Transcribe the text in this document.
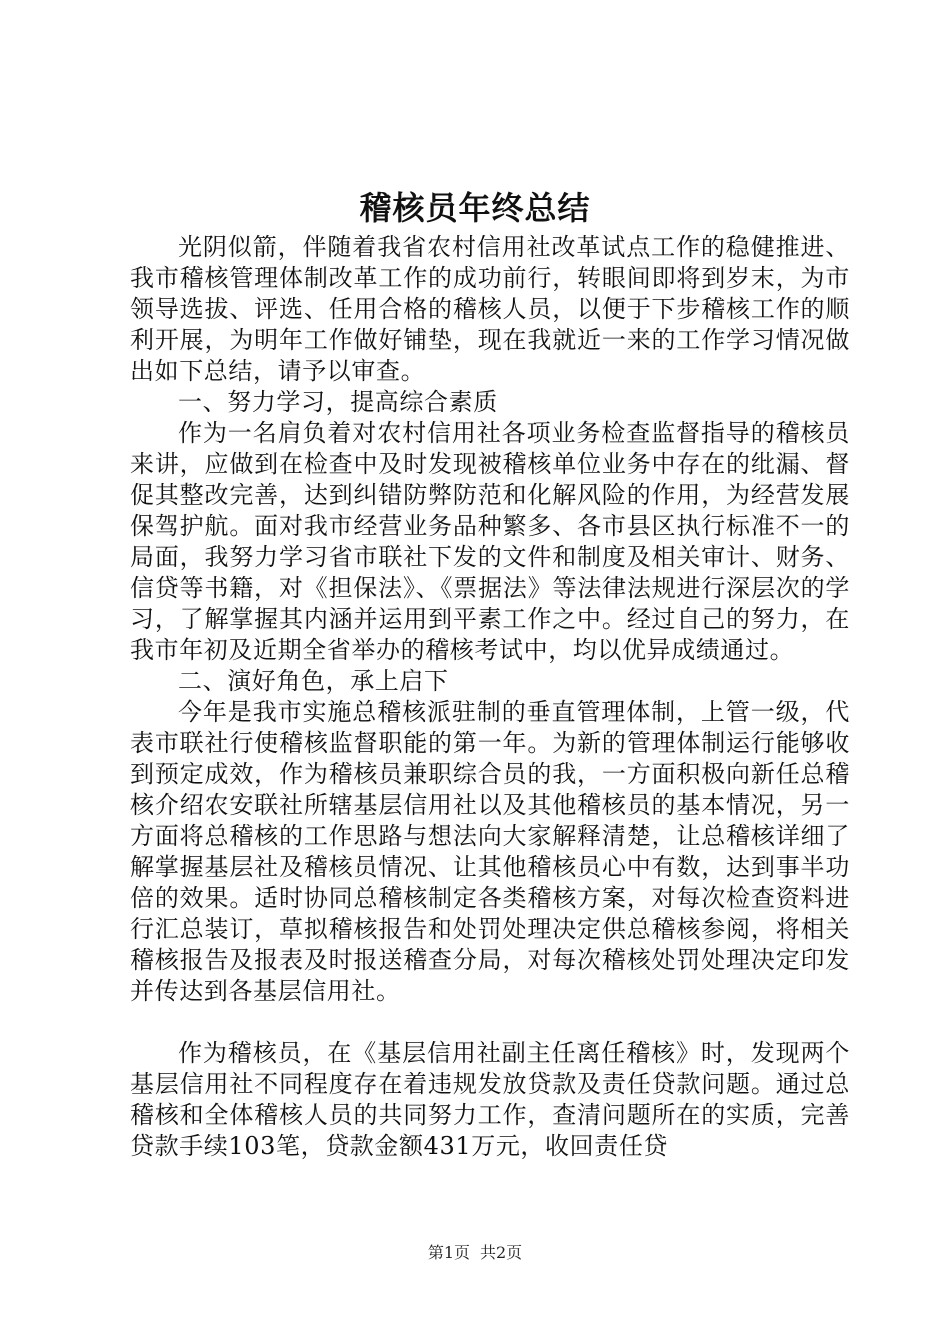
稽核员年终总结

光阴似箭，伴随着我省农村信用社改革试点工作的稳健推进、我市稽核管理体制改革工作的成功前行，转眼间即将到岁末，为市领导选拔、评选、任用合格的稽核人员，以便于下步稽核工作的顺利开展，为明年工作做好铺垫，现在我就近一来的工作学习情况做出如下总结，请予以审查。

一、努力学习，提高综合素质

作为一名肩负着对农村信用社各项业务检查监督指导的稽核员来讲，应做到在检查中及时发现被稽核单位业务中存在的纰漏、督促其整改完善，达到纠错防弊防范和化解风险的作用，为经营发展保驾护航。面对我市经营业务品种繁多、各市县区执行标准不一的局面，我努力学习省市联社下发的文件和制度及相关审计、财务、信贷等书籍，对《担保法》、《票据法》等法律法规进行深层次的学习，了解掌握其内涵并运用到平素工作之中。经过自己的努力，在我市年初及近期全省举办的稽核考试中，均以优异成绩通过。

二、演好角色，承上启下

今年是我市实施总稽核派驻制的垂直管理体制，上管一级，代表市联社行使稽核监督职能的第一年。为新的管理体制运行能够收到预定成效，作为稽核员兼职综合员的我，一方面积极向新任总稽核介绍农安联社所辖基层信用社以及其他稽核员的基本情况，另一方面将总稽核的工作思路与想法向大家解释清楚，让总稽核详细了解掌握基层社及稽核员情况、让其他稽核员心中有数，达到事半功倍的效果。适时协同总稽核制定各类稽核方案，对每次检查资料进行汇总装订，草拟稽核报告和处罚处理决定供总稽核参阅，将相关稽核报告及报表及时报送稽查分局，对每次稽核处罚处理决定印发并传达到各基层信用社。

作为稽核员，在《基层信用社副主任离任稽核》时，发现两个基层信用社不同程度存在着违规发放贷款及责任贷款问题。通过总稽核和全体稽核人员的共同努力工作，查清问题所在的实质，完善贷款手续103笔，贷款金额431万元，收回责任贷

第1页 共2页
